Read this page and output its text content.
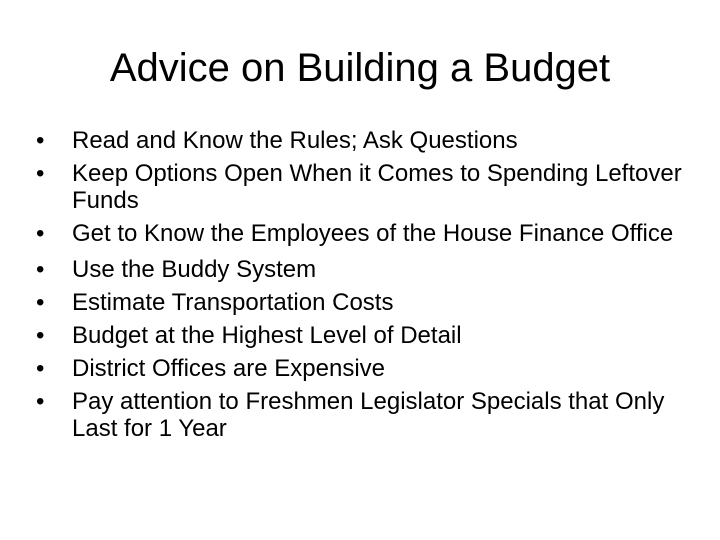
Advice on Building a Budget
•	Read and Know the Rules; Ask Questions
•	Keep Options Open When it Comes to Spending Leftover Funds
•	Get to Know the Employees of the House Finance Office
•	Use the Buddy System
•	Estimate Transportation Costs
•	Budget at the Highest Level of Detail
•	District Offices are Expensive
•	Pay attention to Freshmen Legislator Specials that Only Last for 1 Year
